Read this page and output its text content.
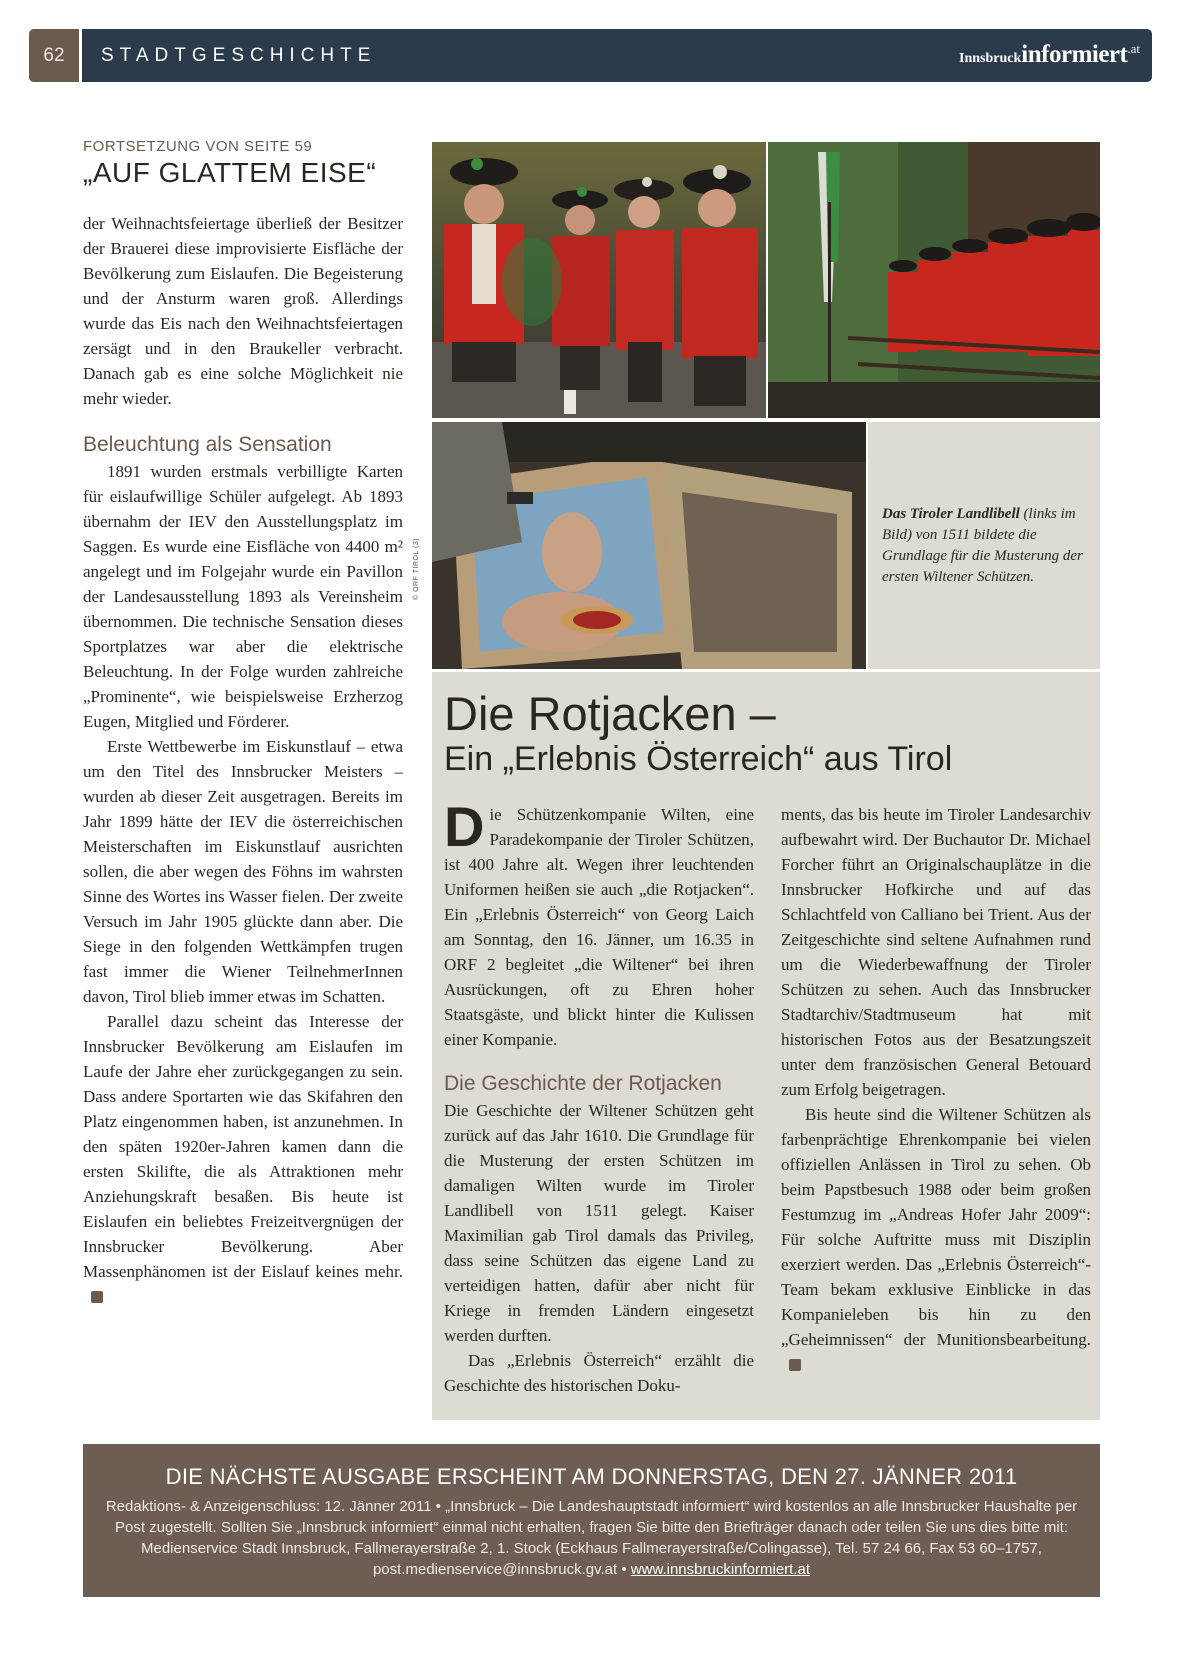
62	STADTGESCHICHTE	Innsbruckinformiert$^{.at}$
FORTSETZUNG VON SEITE 59
„AUF GLATTEM EISE“

der Weihnachtsfeiertage überließ der Besitzer der Brauerei diese improvisierte Eisfläche der Bevölkerung zum Eislaufen. Die Begeisterung und der Ansturm waren groß. Allerdings wurde das Eis nach den Weihnachtsfeiertagen zersägt und in den Braukeller verbracht. Danach gab es eine solche Möglichkeit nie mehr wieder.

Beleuchtung als Sensation

1891 wurden erstmals verbilligte Karten für eislaufwillige Schüler aufgelegt. Ab 1893 übernahm der IEV den Ausstellungsplatz im Saggen. Es wurde eine Eisfläche von 4400 m² angelegt und im Folgejahr wurde ein Pavillon der Landesausstellung 1893 als Vereinsheim übernommen. Die technische Sensation dieses Sportplatzes war aber die elektrische Beleuchtung. In der Folge wurden zahlreiche „Prominente“, wie beispielsweise Erzherzog Eugen, Mitglied und Förderer.

Erste Wettbewerbe im Eiskunstlauf – etwa um den Titel des Innsbrucker Meisters – wurden ab dieser Zeit ausgetragen. Bereits im Jahr 1899 hätte der IEV die österreichischen Meisterschaften im Eiskunstlauf ausrichten sollen, die aber wegen des Föhns im wahrsten Sinne des Wortes ins Wasser fielen. Der zweite Versuch im Jahr 1905 glückte dann aber. Die Siege in den folgenden Wettkämpfen trugen fast immer die Wiener TeilnehmerInnen davon, Tirol blieb immer etwas im Schatten.

Parallel dazu scheint das Interesse der Innsbrucker Bevölkerung am Eislaufen im Laufe der Jahre eher zurückgegangen zu sein. Dass andere Sportarten wie das Skifahren den Platz eingenommen haben, ist anzunehmen. In den späten 1920er-Jahren kamen dann die ersten Skilifte, die als Attraktionen mehr Anziehungskraft besaßen. Bis heute ist Eislaufen ein beliebtes Freizeitvergnügen der Innsbrucker Bevölkerung. Aber Massenphänomen ist der Eislauf keines mehr.

© ORF TIROL (3)
Das Tiroler Landlibell (links im Bild) von 1511 bildete die Grundlage für die Musterung der ersten Wiltener Schützen.
Die Rotjacken –
Ein „Erlebnis Österreich“ aus Tirol

Die Schützenkompanie Wilten, eine Paradekompanie der Tiroler Schützen, ist 400 Jahre alt. Wegen ihrer leuchtenden Uniformen heißen sie auch „die Rotjacken“. Ein „Erlebnis Österreich“ von Georg Laich am Sonntag, den 16. Jänner, um 16.35 in ORF 2 begleitet „die Wiltener“ bei ihren Ausrückungen, oft zu Ehren hoher Staatsgäste, und blickt hinter die Kulissen einer Kompanie.

Die Geschichte der Rotjacken

Die Geschichte der Wiltener Schützen geht zurück auf das Jahr 1610. Die Grundlage für die Musterung der ersten Schützen im damaligen Wilten wurde im Tiroler Landlibell von 1511 gelegt. Kaiser Maximilian gab Tirol damals das Privileg, dass seine Schützen das eigene Land zu verteidigen hatten, dafür aber nicht für Kriege in fremden Ländern eingesetzt werden durften.

Das „Erlebnis Österreich“ erzählt die Geschichte des historischen Doku-

ments, das bis heute im Tiroler Landesarchiv aufbewahrt wird. Der Buchautor Dr. Michael Forcher führt an Originalschauplätze in die Innsbrucker Hofkirche und auf das Schlachtfeld von Calliano bei Trient. Aus der Zeitgeschichte sind seltene Aufnahmen rund um die Wiederbewaffnung der Tiroler Schützen zu sehen. Auch das Innsbrucker Stadtarchiv/Stadtmuseum hat mit historischen Fotos aus der Besatzungszeit unter dem französischen General Betouard zum Erfolg beigetragen.

Bis heute sind die Wiltener Schützen als farbenprächtige Ehrenkompanie bei vielen offiziellen Anlässen in Tirol zu sehen. Ob beim Papstbesuch 1988 oder beim großen Festumzug im „Andreas Hofer Jahr 2009“: Für solche Auftritte muss mit Disziplin exerziert werden. Das „Erlebnis Österreich“-Team bekam exklusive Einblicke in das Kompanieleben bis hin zu den „Geheimnissen“ der Munitionsbearbeitung.

DIE NÄCHSTE AUSGABE ERSCHEINT AM DONNERSTAG, DEN 27. JÄNNER 2011
Redaktions- & Anzeigenschluss: 12. Jänner 2011 • „Innsbruck – Die Landeshauptstadt informiert“ wird kostenlos an alle Innsbrucker Haushalte per Post zugestellt. Sollten Sie „Innsbruck informiert“ einmal nicht erhalten, fragen Sie bitte den Briefträger danach oder teilen Sie uns dies bitte mit: Medienservice Stadt Innsbruck, Fallmerayerstraße 2, 1. Stock (Eckhaus Fallmerayerstraße/Colingasse), Tel. 57 24 66, Fax 53 60–1757, post.medienservice@innsbruck.gv.at • www.innsbruckinformiert.at
